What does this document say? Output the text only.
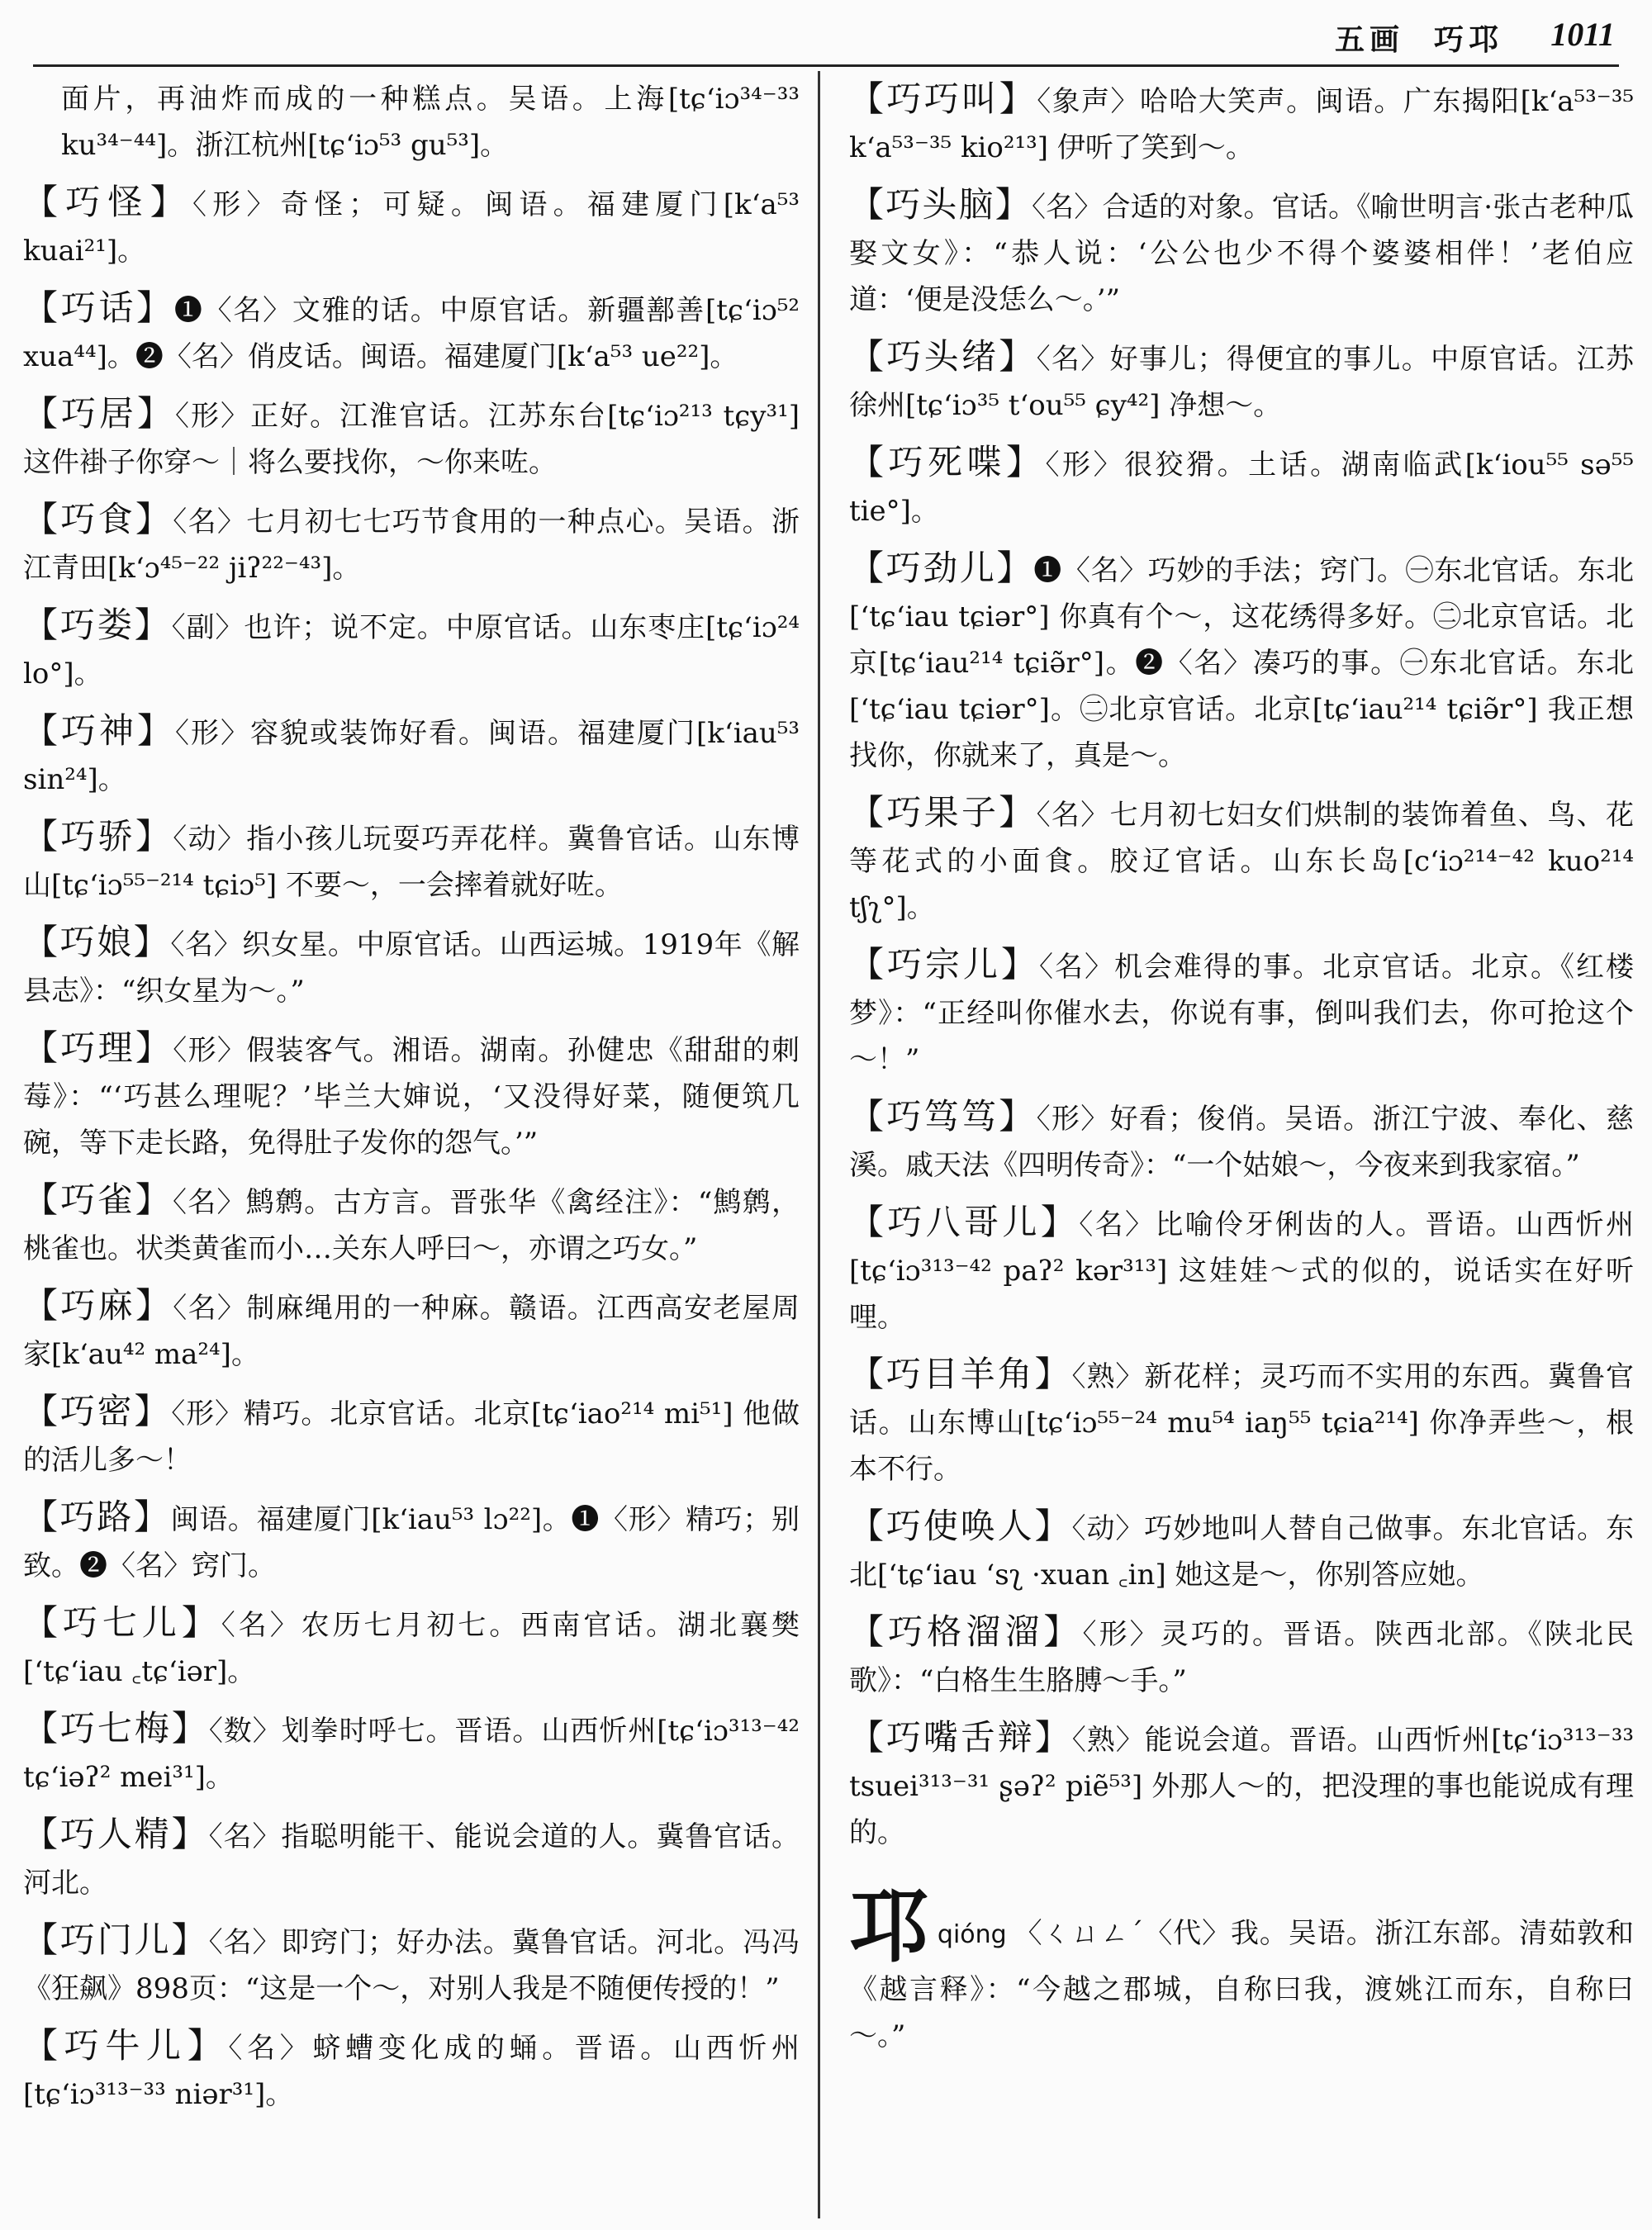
五画 巧邛 1011
面片，再油炸而成的一种糕点。吴语。上海[tɕʻiɔ³⁴⁻³³ ku³⁴⁻⁴⁴]。浙江杭州[tɕʻiɔ⁵³ gu⁵³]。
【巧怪】〈形〉奇怪；可疑。闽语。福建厦门[kʻa⁵³ kuai²¹]。
【巧话】❶〈名〉文雅的话。中原官话。新疆鄯善[tɕʻiɔ⁵² xua⁴⁴]。❷〈名〉俏皮话。闽语。福建厦门[kʻa⁵³ ue²²]。
【巧居】〈形〉正好。江淮官话。江苏东台[tɕʻiɔ²¹³ tɕy³¹] 这件褂子你穿～｜将么要找你，～你来咗。
【巧食】〈名〉七月初七七巧节食用的一种点心。吴语。浙江青田[kʻɔ⁴⁵⁻²² jiʔ²²⁻⁴³]。
【巧娄】〈副〉也许；说不定。中原官话。山东枣庄[tɕʻiɔ²⁴ lo°]。
【巧神】〈形〉容貌或装饰好看。闽语。福建厦门[kʻiau⁵³ sin²⁴]。
【巧骄】〈动〉指小孩儿玩耍巧弄花样。冀鲁官话。山东博山[tɕʻiɔ⁵⁵⁻²¹⁴ tɕiɔ⁵] 不要～，一会摔着就好咗。
【巧娘】〈名〉织女星。中原官话。山西运城。1919年《解县志》：“织女星为～。”
【巧理】〈形〉假装客气。湘语。湖南。孙健忠《甜甜的刺莓》：“‘巧甚么理呢？’毕兰大婶说，‘又没得好菜，随便筑几碗，等下走长路，免得肚子发你的怨气。’”
【巧雀】〈名〉鹪鹩。古方言。晋张华《禽经注》：“鹪鹩，桃雀也。状类黄雀而小…关东人呼曰～，亦谓之巧女。”
【巧麻】〈名〉制麻绳用的一种麻。赣语。江西高安老屋周家[kʻau⁴² ma²⁴]。
【巧密】〈形〉精巧。北京官话。北京[tɕʻiao²¹⁴ mi⁵¹] 他做的活儿多～！
【巧路】闽语。福建厦门[kʻiau⁵³ lɔ²²]。❶〈形〉精巧；别致。❷〈名〉窍门。
【巧七儿】〈名〉农历七月初七。西南官话。湖北襄樊[ʻtɕʻiau ꜀tɕʻiər]。
【巧七梅】〈数〉划拳时呼七。晋语。山西忻州[tɕʻiɔ³¹³⁻⁴² tɕʻiəʔ² mei³¹]。
【巧人精】〈名〉指聪明能干、能说会道的人。冀鲁官话。河北。
【巧门儿】〈名〉即窍门；好办法。冀鲁官话。河北。冯冯《狂飙》898页：“这是一个～，对别人我是不随便传授的！”
【巧牛儿】〈名〉蛴螬变化成的蛹。晋语。山西忻州[tɕʻiɔ³¹³⁻³³ niər³¹]。
【巧巧叫】〈象声〉哈哈大笑声。闽语。广东揭阳[kʻa⁵³⁻³⁵ kʻa⁵³⁻³⁵ kio²¹³] 伊听了笑到～。
【巧头脑】〈名〉合适的对象。官话。《喻世明言·张古老种瓜娶文女》：“恭人说：‘公公也少不得个婆婆相伴！’老伯应道：‘便是没恁么～。’”
【巧头绪】〈名〉好事儿；得便宜的事儿。中原官话。江苏徐州[tɕʻiɔ³⁵ tʻou⁵⁵ ɕy⁴²] 净想～。
【巧死喋】〈形〉很狡猾。土话。湖南临武[kʻiou⁵⁵ sə⁵⁵ tie°]。
【巧劲儿】❶〈名〉巧妙的手法；窍门。㊀东北官话。东北[ʻtɕʻiau tɕiər°] 你真有个～，这花绣得多好。㊁北京官话。北京[tɕʻiau²¹⁴ tɕiə̃r°]。❷〈名〉凑巧的事。㊀东北官话。东北[ʻtɕʻiau tɕiər°]。㊁北京官话。北京[tɕʻiau²¹⁴ tɕiə̃r°] 我正想找你，你就来了，真是～。
【巧果子】〈名〉七月初七妇女们烘制的装饰着鱼、鸟、花等花式的小面食。胶辽官话。山东长岛[cʻiɔ²¹⁴⁻⁴² kuo²¹⁴ tʃʅ°]。
【巧宗儿】〈名〉机会难得的事。北京官话。北京。《红楼梦》：“正经叫你催水去，你说有事，倒叫我们去，你可抢这个～！”
【巧笃笃】〈形〉好看；俊俏。吴语。浙江宁波、奉化、慈溪。戚天法《四明传奇》：“一个姑娘～，今夜来到我家宿。”
【巧八哥儿】〈名〉比喻伶牙俐齿的人。晋语。山西忻州[tɕʻiɔ³¹³⁻⁴² paʔ² kər³¹³] 这娃娃～式的似的，说话实在好听哩。
【巧目羊角】〈熟〉新花样；灵巧而不实用的东西。冀鲁官话。山东博山[tɕʻiɔ⁵⁵⁻²⁴ mu⁵⁴ iaŋ⁵⁵ tɕia²¹⁴] 你净弄些～，根本不行。
【巧使唤人】〈动〉巧妙地叫人替自己做事。东北官话。东北[ʻtɕʻiau ʻsʅ ·xuan ꜀in] 她这是～，你别答应她。
【巧格溜溜】〈形〉灵巧的。晋语。陕西北部。《陕北民歌》：“白格生生胳膊～手。”
【巧嘴舌辩】〈熟〉能说会道。晋语。山西忻州[tɕʻiɔ³¹³⁻³³ tsuei³¹³⁻³¹ ʂəʔ² piẽ⁵³] 外那人～的，把没理的事也能说成有理的。
邛qióng 〈ㄑㄩㄥˊ〈代〉我。吴语。浙江东部。清茹敦和《越言释》：“今越之郡城，自称曰我，渡姚江而东，自称曰～。”
